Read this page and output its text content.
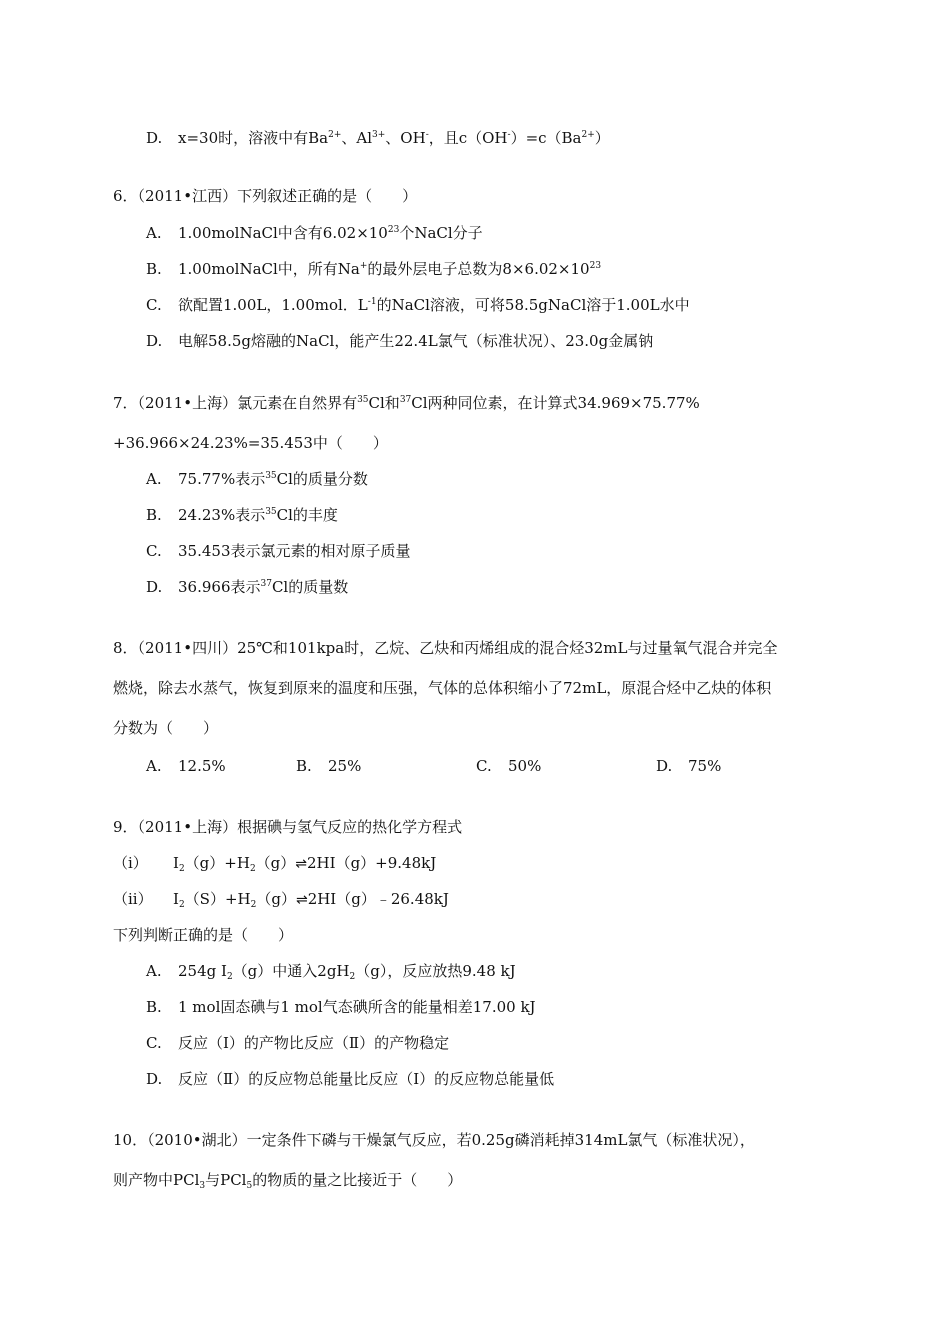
D. x=30时，溶液中有$Ba^{2+}$、$Al^{3+}$、OH-，且$c(OH^-)=c(Ba^{2+})$
6．（2011•江西）下列叙述正确的是（　　）
A. 1.00molNaCl中含有$6.02\times 10^{23}$个NaCl分子
B. 1.00molNaCl中，所有Na+的最外层电子总数为$8\times 6.02\times 10^{23}$
C. 欲配置1.00L，1.00mol．$L^{-1}$的NaCl溶液，可将58.5gNaCl溶于1.00L水中
D. 电解58.5g熔融的NaCl，能产生22.4L氯气（标准状况）、23.0g金属钠
7．（2011•上海）氯元素在自然界有$^{35}$Cl和$^{37}$Cl两种同位素，在计算式34.969×75.77%
+36.966×24.23%=35.453中（　　）
A. 75.77%表示$^{35}$Cl的质量分数
B. 24.23%表示$^{35}$Cl的丰度
C. 35.453表示氯元素的相对原子质量
D. 36.966表示$^{37}$Cl的质量数
8．（2011•四川）25℃和101kpa时，乙烷、乙炔和丙烯组成的混合烃32mL与过量氧气混合并完全
燃烧，除去水蒸气，恢复到原来的温度和压强，气体的总体积缩小了72mL，原混合烃中乙炔的体积
分数为（　　）
A. 12.5%	B. 25%	C. 50%	D. 75%
9．（2011•上海）根据碘与氢气反应的热化学方程式
（i） $I_2(g)+H_2(g)\rightleftharpoons 2HI(g)+9.48kJ$
（ii） $I_2(S)+H_2(g)\rightleftharpoons 2HI(g)﹣26.48kJ$
下列判断正确的是（　　）
A. 254g $I_2(g)$中通入$2gH_2(g)$，反应放热9.48 kJ
B. 1 mol固态碘与1 mol气态碘所含的能量相差17.00 kJ
C. 反应（Ⅰ）的产物比反应（Ⅱ）的产物稳定
D. 反应（Ⅱ）的反应物总能量比反应（Ⅰ）的反应物总能量低
10．（2010•湖北）一定条件下磷与干燥氯气反应，若0.25g磷消耗掉314mL氯气（标准状况），
则产物中PCl$_3$与PCl$_5$的物质的量之比接近于（　　）
